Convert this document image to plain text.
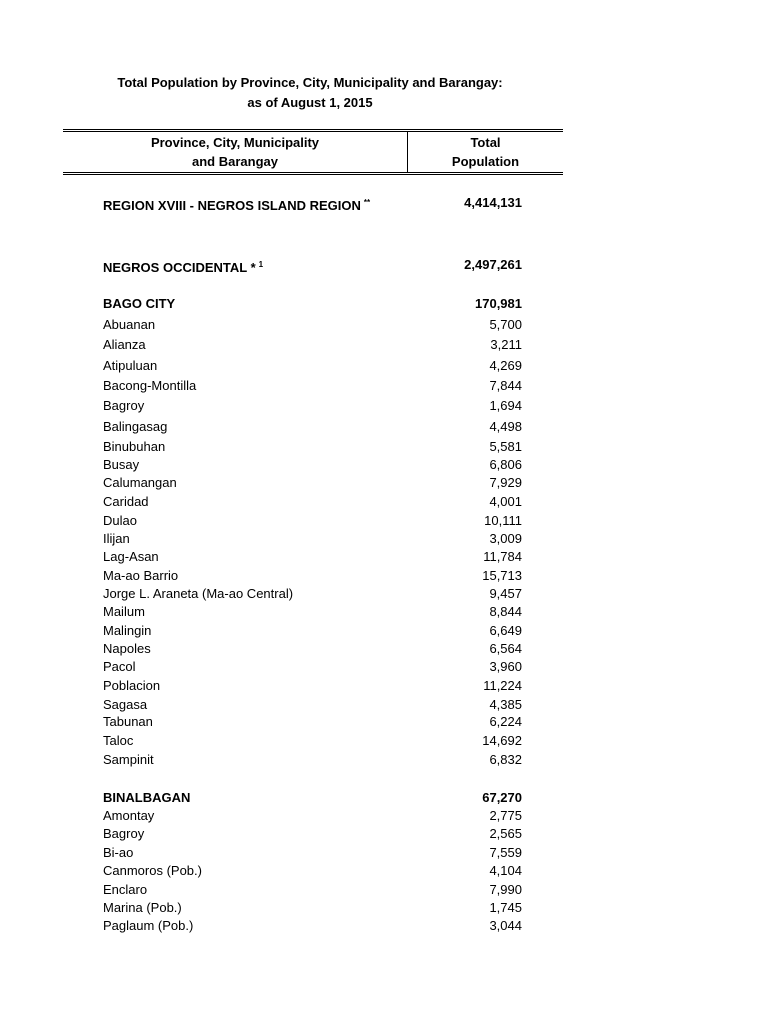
Total Population by Province, City, Municipality and Barangay:
as of August 1, 2015
Province, City, Municipality
and Barangay
Total
Population
REGION XVIII - NEGROS ISLAND REGION **	4,414,131
NEGROS OCCIDENTAL * $^1$	2,497,261
BAGO CITY	170,981
Abuanan	5,700
Alianza	3,211
Atipuluan	4,269
Bacong-Montilla	7,844
Bagroy	1,694
Balingasag	4,498
Binubuhan	5,581
Busay	6,806
Calumangan	7,929
Caridad	4,001
Dulao	10,111
Ilijan	3,009
Lag-Asan	11,784
Ma-ao Barrio	15,713
Jorge L. Araneta (Ma-ao Central)	9,457
Mailum	8,844
Malingin	6,649
Napoles	6,564
Pacol	3,960
Poblacion	11,224
Sagasa	4,385
Tabunan	6,224
Taloc	14,692
Sampinit	6,832
BINALBAGAN	67,270
Amontay	2,775
Bagroy	2,565
Bi-ao	7,559
Canmoros (Pob.)	4,104
Enclaro	7,990
Marina (Pob.)	1,745
Paglaum (Pob.)	3,044
